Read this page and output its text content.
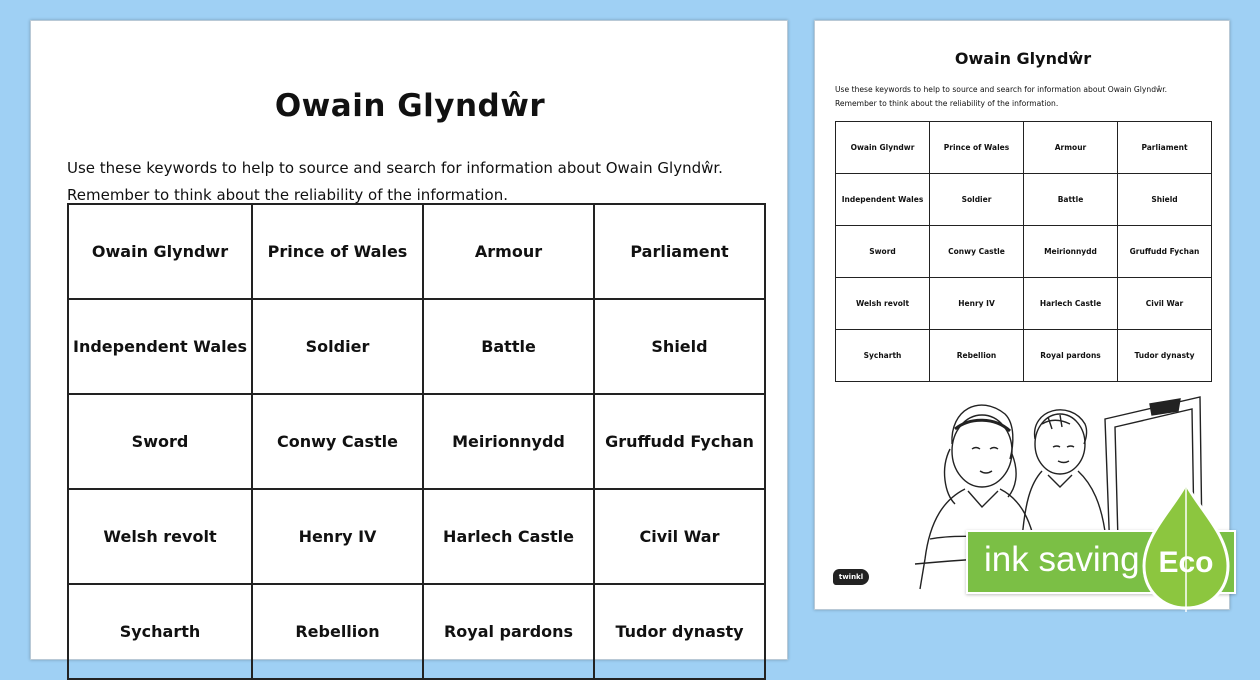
Owain Glyndŵr
Use these keywords to help to source and search for information about Owain Glyndŵr.
Remember to think about the reliability of the information.
Owain Glyndwr	Prince of Wales	Armour	Parliament
Independent Wales	Soldier	Battle	Shield
Sword	Conwy Castle	Meirionnydd	Gruffudd Fychan
Welsh revolt	Henry IV	Harlech Castle	Civil War
Sycharth	Rebellion	Royal pardons	Tudor dynasty
Owain Glyndŵr
Use these keywords to help to source and search for information about Owain Glyndŵr.
Remember to think about the reliability of the information.
Owain Glyndwr	Prince of Wales	Armour	Parliament
Independent Wales	Soldier	Battle	Shield
Sword	Conwy Castle	Meirionnydd	Gruffudd Fychan
Welsh revolt	Henry IV	Harlech Castle	Civil War
Sycharth	Rebellion	Royal pardons	Tudor dynasty
twinkl	ink saving Eco
